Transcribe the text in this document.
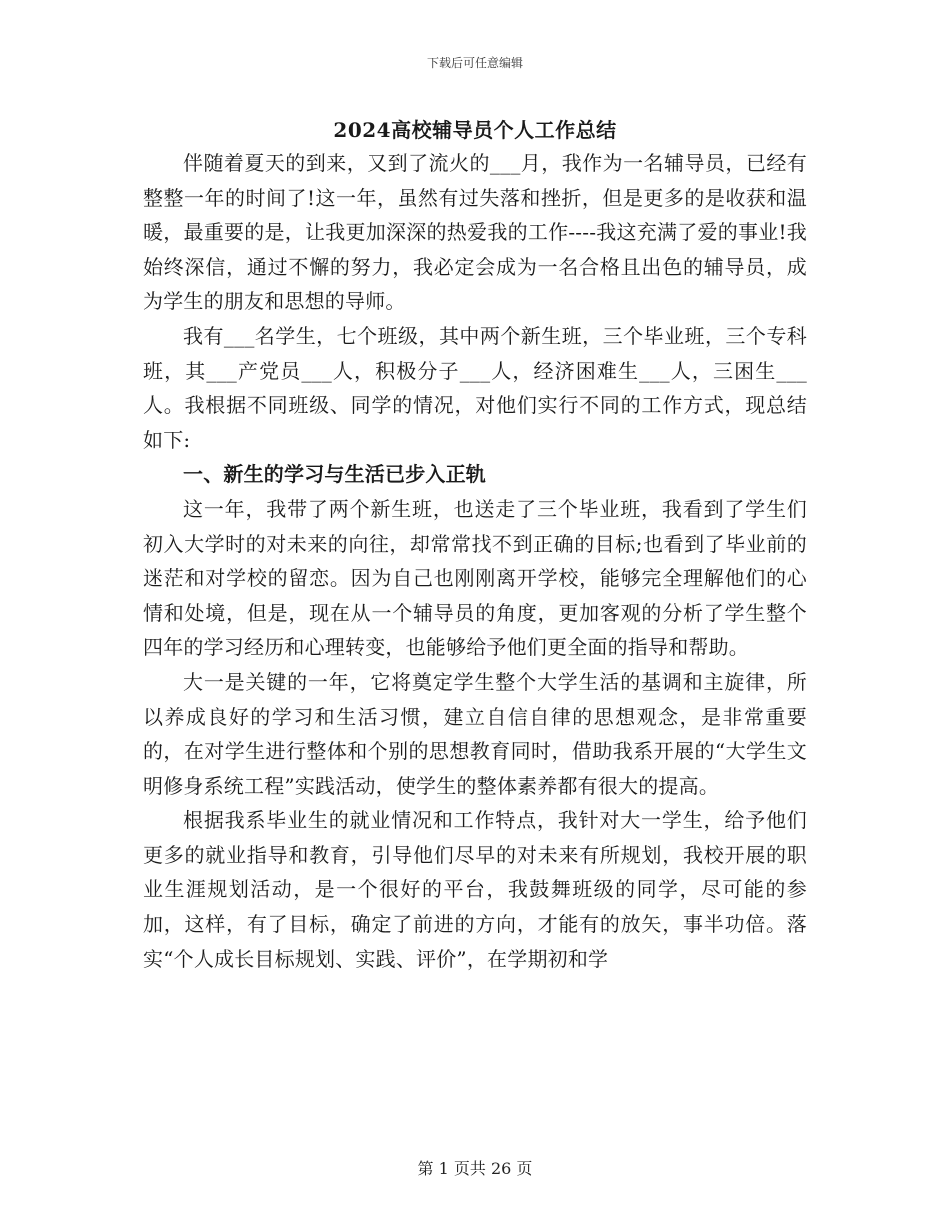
下载后可任意编辑
2024高校辅导员个人工作总结

伴随着夏天的到来，又到了流火的___月，我作为一名辅导员，已经有整整一年的时间了!这一年，虽然有过失落和挫折，但是更多的是收获和温暖，最重要的是，让我更加深深的热爱我的工作----我这充满了爱的事业!我始终深信，通过不懈的努力，我必定会成为一名合格且出色的辅导员，成为学生的朋友和思想的导师。

我有___名学生，七个班级，其中两个新生班，三个毕业班，三个专科班，其___产党员___人，积极分子___人，经济困难生___人，三困生___人。我根据不同班级、同学的情况，对他们实行不同的工作方式，现总结如下:

一、新生的学习与生活已步入正轨

这一年，我带了两个新生班，也送走了三个毕业班，我看到了学生们初入大学时的对未来的向往，却常常找不到正确的目标;也看到了毕业前的迷茫和对学校的留恋。因为自己也刚刚离开学校，能够完全理解他们的心情和处境，但是，现在从一个辅导员的角度，更加客观的分析了学生整个四年的学习经历和心理转变，也能够给予他们更全面的指导和帮助。

大一是关键的一年，它将奠定学生整个大学生活的基调和主旋律，所以养成良好的学习和生活习惯，建立自信自律的思想观念，是非常重要的，在对学生进行整体和个别的思想教育同时，借助我系开展的“大学生文明修身系统工程”实践活动，使学生的整体素养都有很大的提高。

根据我系毕业生的就业情况和工作特点，我针对大一学生，给予他们更多的就业指导和教育，引导他们尽早的对未来有所规划，我校开展的职业生涯规划活动，是一个很好的平台，我鼓舞班级的同学，尽可能的参加，这样，有了目标，确定了前进的方向，才能有的放矢，事半功倍。落实“个人成长目标规划、实践、评价”，在学期初和学

第 1 页共 26 页
